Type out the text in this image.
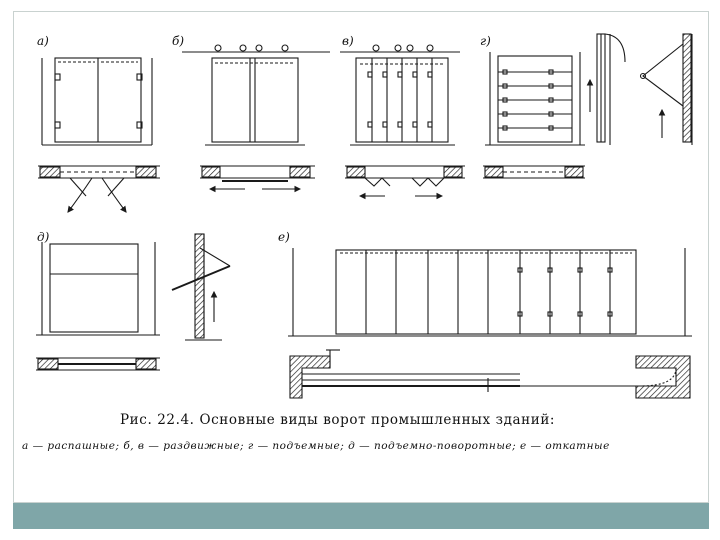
а)	б)	в)	г)
д)	е)
Рис. 22.4. Основные виды ворот промышленных зданий:
а — распашные; б, в — раздвижные; г — подъемные; д — подъемно-поворотные; е — откатные
